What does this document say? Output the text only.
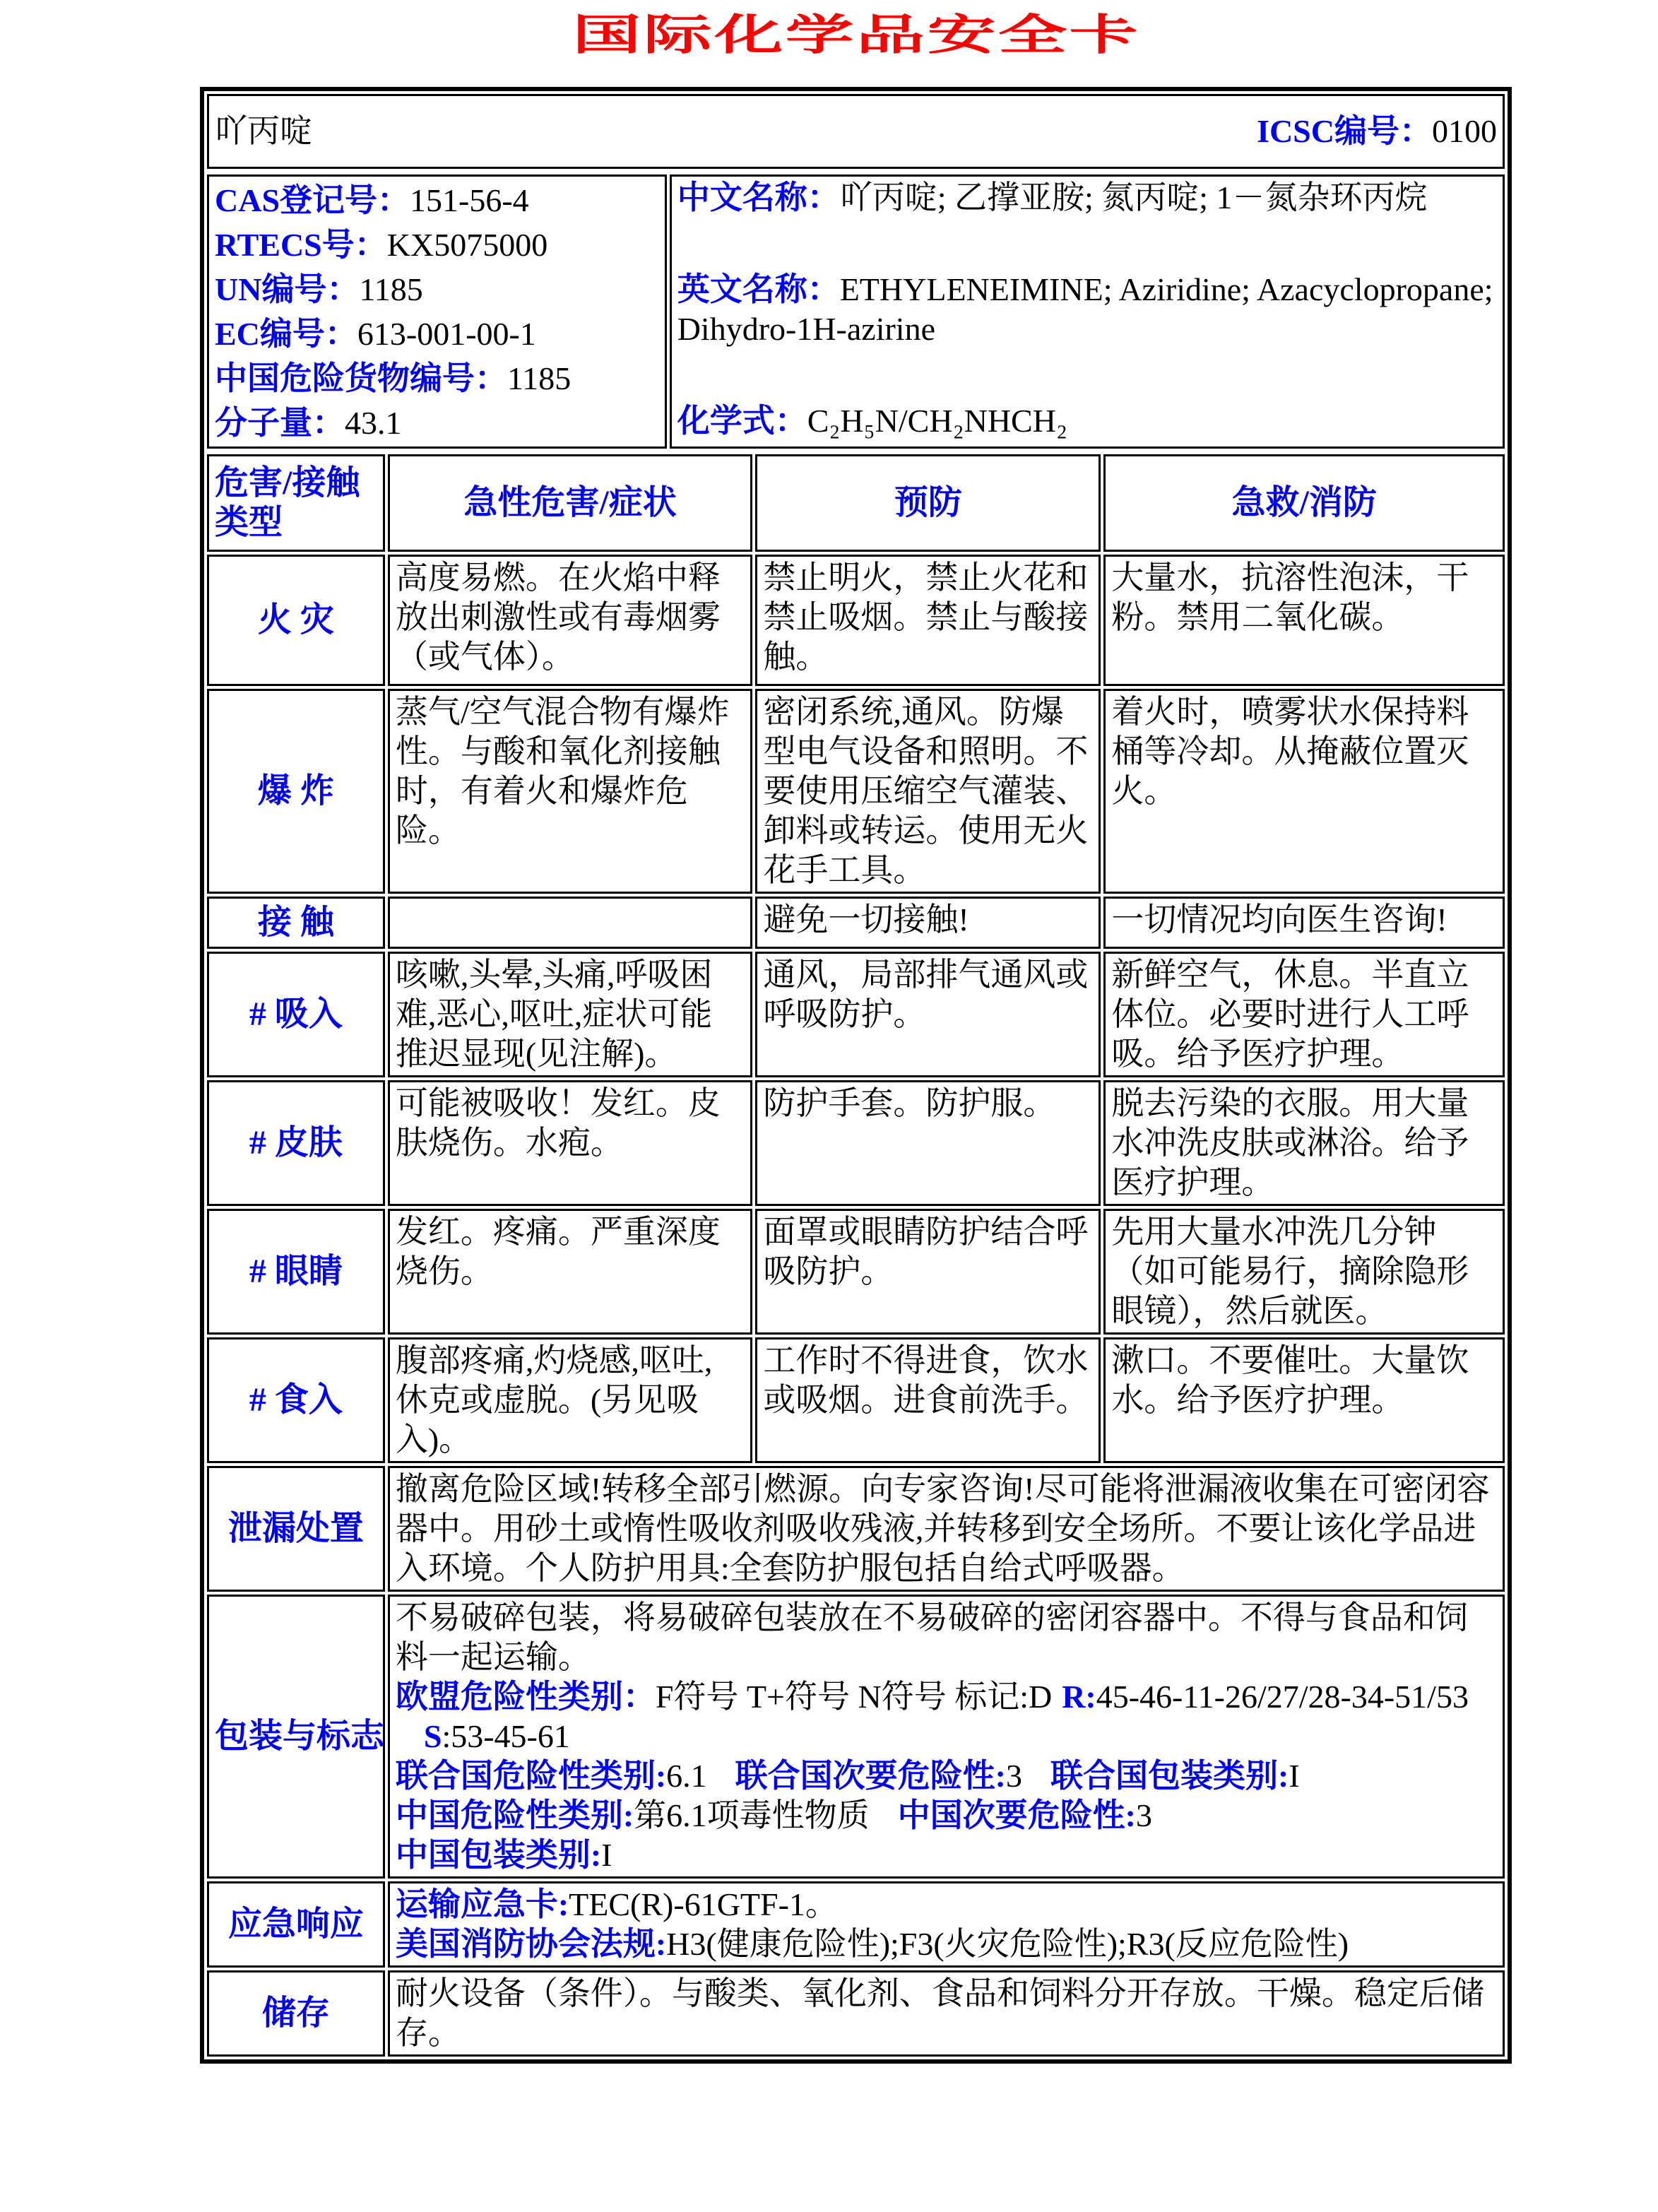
国际化学品安全卡
吖丙啶	ICSC编号：0100
CAS登记号：151-56-4
RTECS号：KX5075000
UN编号：1185
EC编号：613-001-00-1
中国危险货物编号：1185
分子量：43.1

中文名称：吖丙啶; 乙撑亚胺; 氮丙啶; 1－氮杂环丙烷
英文名称：ETHYLENEIMINE; Aziridine; Azacyclopropane; Dihydro-1H-azirine
化学式：C₂H₅N/CH₂NHCH₂
危害/接触类型	急性危害/症状	预防	急救/消防
火 灾	高度易燃。在火焰中释放出刺激性或有毒烟雾（或气体）。	禁止明火，禁止火花和禁止吸烟。禁止与酸接触。	大量水，抗溶性泡沫，干粉。禁用二氧化碳。
爆 炸	蒸气/空气混合物有爆炸性。与酸和氧化剂接触时，有着火和爆炸危险。	密闭系统,通风。防爆型电气设备和照明。不要使用压缩空气灌装、卸料或转运。使用无火花手工具。	着火时，喷雾状水保持料桶等冷却。从掩蔽位置灭火。
接 触		避免一切接触!	一切情况均向医生咨询!
# 吸入	咳嗽,头晕,头痛,呼吸困难,恶心,呕吐,症状可能推迟显现(见注解)。	通风，局部排气通风或呼吸防护。	新鲜空气，休息。半直立体位。必要时进行人工呼吸。给予医疗护理。
# 皮肤	可能被吸收！发红。皮肤烧伤。水疱。	防护手套。防护服。	脱去污染的衣服。用大量水冲洗皮肤或淋浴。给予医疗护理。
# 眼睛	发红。疼痛。严重深度烧伤。	面罩或眼睛防护结合呼吸防护。	先用大量水冲洗几分钟（如可能易行，摘除隐形眼镜），然后就医。
# 食入	腹部疼痛,灼烧感,呕吐,休克或虚脱。(另见吸入)。	工作时不得进食，饮水或吸烟。进食前洗手。	漱口。不要催吐。大量饮水。给予医疗护理。
泄漏处置	撤离危险区域!转移全部引燃源。向专家咨询!尽可能将泄漏液收集在可密闭容器中。用砂土或惰性吸收剂吸收残液,并转移到安全场所。不要让该化学品进入环境。个人防护用具:全套防护服包括自给式呼吸器。		
包装与标志	不易破碎包装，将易破碎包装放在不易破碎的密闭容器中。不得与食品和饲料一起运输。
欧盟危险性类别：F符号 T+符号 N符号 标记:D R:45-46-11-26/27/28-34-51/53S:53-45-61
联合国危险性类别:6.1 联合国次要危险性:3 联合国包装类别:I
中国危险性类别:第6.1项毒性物质 中国次要危险性:3
中国包装类别:I		

应急响应	运输应急卡:TEC(R)-61GTF-1。
美国消防协会法规:H3(健康危险性);F3(火灾危险性);R3(反应危险性)		

储存	耐火设备（条件）。与酸类、氧化剂、食品和饲料分开存放。干燥。稳定后储存。		
